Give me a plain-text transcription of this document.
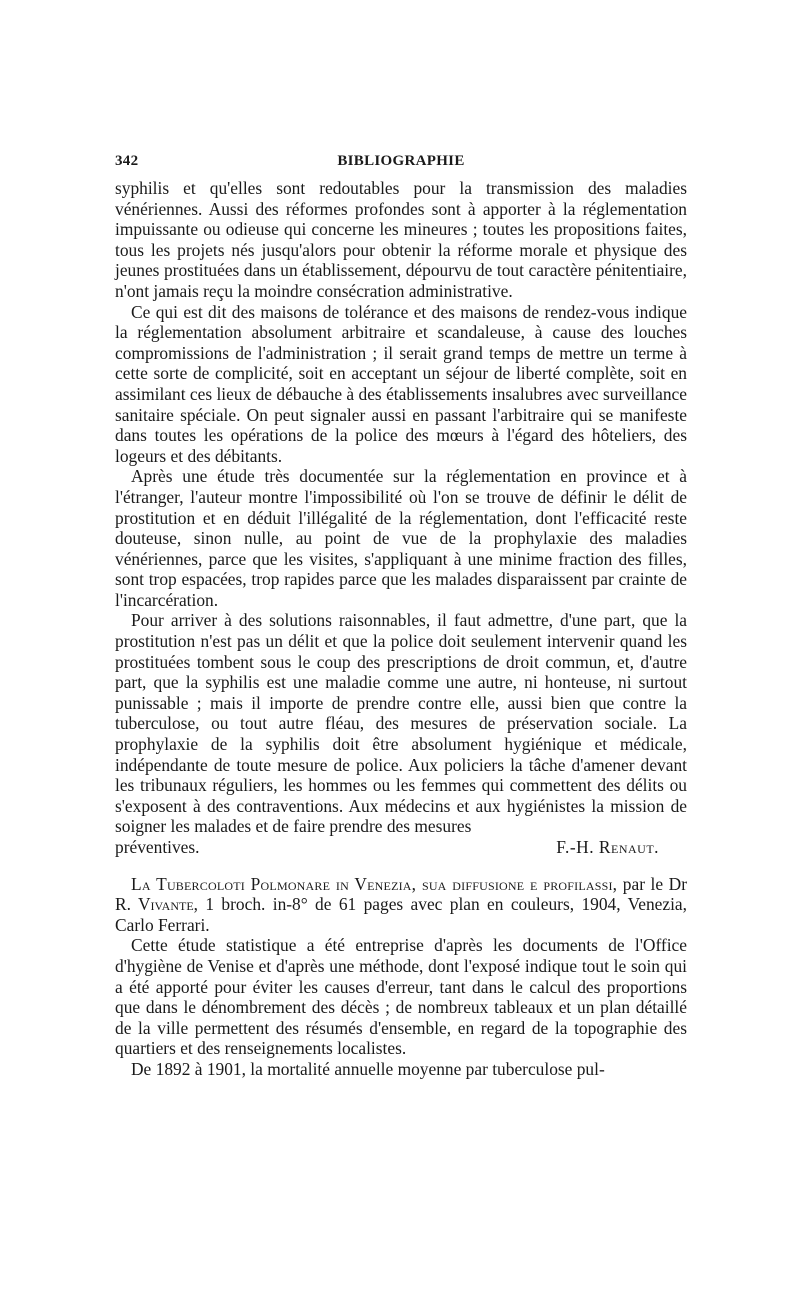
342	BIBLIOGRAPHIE

syphilis et qu'elles sont redoutables pour la transmission des maladies vénériennes. Aussi des réformes profondes sont à apporter à la réglementation impuissante ou odieuse qui concerne les mineures ; toutes les propositions faites, tous les projets nés jusqu'alors pour obtenir la réforme morale et physique des jeunes prostituées dans un établissement, dépourvu de tout caractère pénitentiaire, n'ont jamais reçu la moindre consécration administrative.

Ce qui est dit des maisons de tolérance et des maisons de rendez-vous indique la réglementation absolument arbitraire et scandaleuse, à cause des louches compromissions de l'administration ; il serait grand temps de mettre un terme à cette sorte de complicité, soit en acceptant un séjour de liberté complète, soit en assimilant ces lieux de débauche à des établissements insalubres avec surveillance sanitaire spéciale. On peut signaler aussi en passant l'arbitraire qui se manifeste dans toutes les opérations de la police des mœurs à l'égard des hôteliers, des logeurs et des débitants.

Après une étude très documentée sur la réglementation en province et à l'étranger, l'auteur montre l'impossibilité où l'on se trouve de définir le délit de prostitution et en déduit l'illégalité de la réglementation, dont l'efficacité reste douteuse, sinon nulle, au point de vue de la prophylaxie des maladies vénériennes, parce que les visites, s'appliquant à une minime fraction des filles, sont trop espacées, trop rapides parce que les malades disparaissent par crainte de l'incarcération.

Pour arriver à des solutions raisonnables, il faut admettre, d'une part, que la prostitution n'est pas un délit et que la police doit seulement intervenir quand les prostituées tombent sous le coup des prescriptions de droit commun, et, d'autre part, que la syphilis est une maladie comme une autre, ni honteuse, ni surtout punissable ; mais il importe de prendre contre elle, aussi bien que contre la tuberculose, ou tout autre fléau, des mesures de préservation sociale. La prophylaxie de la syphilis doit être absolument hygiénique et médicale, indépendante de toute mesure de police. Aux policiers la tâche d'amener devant les tribunaux réguliers, les hommes ou les femmes qui commettent des délits ou s'exposent à des contraventions. Aux médecins et aux hygiénistes la mission de soigner les malades et de faire prendre des mesures

préventives.	F.-H. Renaut.

La Tubercoloti Polmonare in Venezia, sua diffusione e profilassi, par le Dr R. Vivante, 1 broch. in-8° de 61 pages avec plan en couleurs, 1904, Venezia, Carlo Ferrari.

Cette étude statistique a été entreprise d'après les documents de l'Office d'hygiène de Venise et d'après une méthode, dont l'exposé indique tout le soin qui a été apporté pour éviter les causes d'erreur, tant dans le calcul des proportions que dans le dénombrement des décès ; de nombreux tableaux et un plan détaillé de la ville permettent des résumés d'ensemble, en regard de la topographie des quartiers et des renseignements localistes.

De 1892 à 1901, la mortalité annuelle moyenne par tuberculose pul-
